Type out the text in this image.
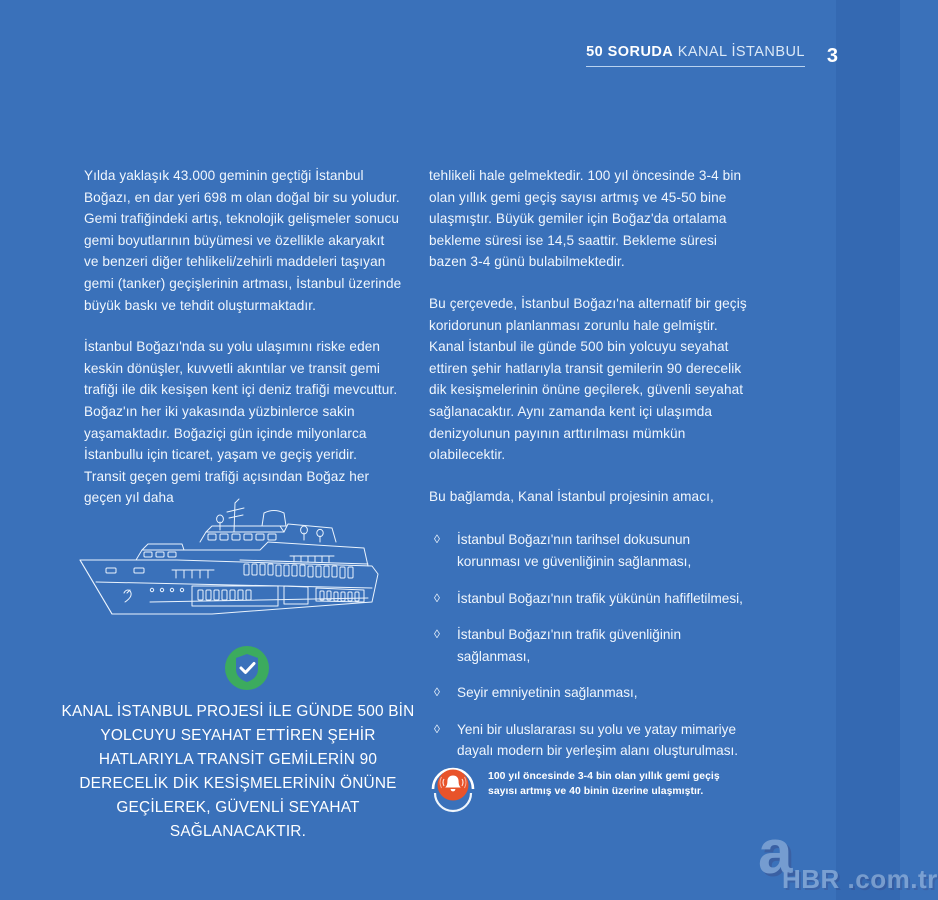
50 SORUDA KANAL İSTANBUL 3

Yılda yaklaşık 43.000 geminin geçtiği İstanbul Boğazı, en dar yeri 698 m olan doğal bir su yoludur. Gemi trafiğindeki artış, teknolojik gelişmeler sonucu gemi boyutlarının büyümesi ve özellikle akaryakıt ve benzeri diğer tehlikeli/zehirli maddeleri taşıyan gemi (tanker) geçişlerinin artması, İstanbul üzerinde büyük baskı ve tehdit oluşturmaktadır.

İstanbul Boğazı'nda su yolu ulaşımını riske eden keskin dönüşler, kuvvetli akıntılar ve transit gemi trafiği ile dik kesişen kent içi deniz trafiği mevcuttur. Boğaz'ın her iki yakasında yüzbinlerce sakin yaşamaktadır. Boğaziçi gün içinde milyonlarca İstanbullu için ticaret, yaşam ve geçiş yeridir. Transit geçen gemi trafiği açısından Boğaz her geçen yıl daha

KANAL İSTANBUL PROJESİ İLE GÜNDE 500 BİN YOLCUYU SEYAHAT ETTİREN ŞEHİR HATLARIYLA TRANSİT GEMİLERİN 90 DERECELİK DİK KESİŞMELERİNİN ÖNÜNE GEÇİLEREK, GÜVENLİ SEYAHAT SAĞLANACAKTIR.

tehlikeli hale gelmektedir. 100 yıl öncesinde 3-4 bin olan yıllık gemi geçiş sayısı artmış ve 45-50 bine ulaşmıştır. Büyük gemiler için Boğaz'da ortalama bekleme süresi ise 14,5 saattir. Bekleme süresi bazen 3-4 günü bulabilmektedir.

Bu çerçevede, İstanbul Boğazı'na alternatif bir geçiş koridorunun planlanması zorunlu hale gelmiştir. Kanal İstanbul ile günde 500 bin yolcuyu seyahat ettiren şehir hatlarıyla transit gemilerin 90 derecelik dik kesişmelerinin önüne geçilerek, güvenli seyahat sağlanacaktır. Aynı zamanda kent içi ulaşımda denizyolunun payının arttırılması mümkün olabilecektir.

Bu bağlamda, Kanal İstanbul projesinin amacı,

◊	İstanbul Boğazı'nın tarihsel dokusunun korunması ve güvenliğinin sağlanması,
◊	İstanbul Boğazı'nın trafik yükünün hafifletilmesi,
◊	İstanbul Boğazı'nın trafik güvenliğinin sağlanması,
◊	Seyir emniyetinin sağlanması,
◊	Yeni bir uluslararası su yolu ve yatay mimariye dayalı modern bir yerleşim alanı oluşturulması.
100 yıl öncesinde 3-4 bin olan yıllık gemi geçiş sayısı artmış ve 40 binin üzerine ulaşmıştır.
a
HBR .com.tr
